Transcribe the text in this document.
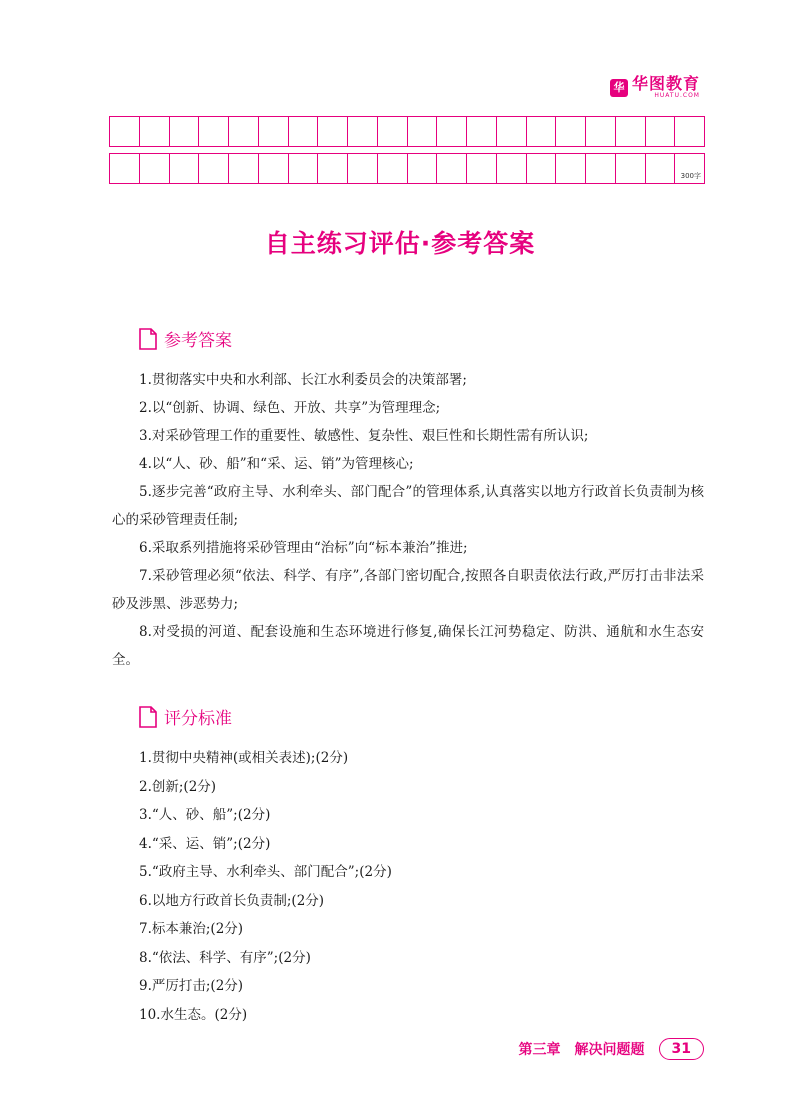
华 华图教育
HUATU.COM
300字
自主练习评估·参考答案
参考答案

1.贯彻落实中央和水利部、长江水利委员会的决策部署;

2.以“创新、协调、绿色、开放、共享”为管理理念;

3.对采砂管理工作的重要性、敏感性、复杂性、艰巨性和长期性需有所认识;

4.以“人、砂、船”和“采、运、销”为管理核心;

5.逐步完善“政府主导、水利牵头、部门配合”的管理体系,认真落实以地方行政首长负责制为核心的采砂管理责任制;

6.采取系列措施将采砂管理由“治标”向“标本兼治”推进;

7.采砂管理必须“依法、科学、有序”,各部门密切配合,按照各自职责依法行政,严厉打击非法采砂及涉黑、涉恶势力;

8.对受损的河道、配套设施和生态环境进行修复,确保长江河势稳定、防洪、通航和水生态安全。

评分标准

1.贯彻中央精神(或相关表述);(2分)

2.创新;(2分)

3.“人、砂、船”;(2分)

4.“采、运、销”;(2分)

5.“政府主导、水利牵头、部门配合”;(2分)

6.以地方行政首长负责制;(2分)

7.标本兼治;(2分)

8.“依法、科学、有序”;(2分)

9.严厉打击;(2分)

10.水生态。(2分)

第三章 解决问题题	31
